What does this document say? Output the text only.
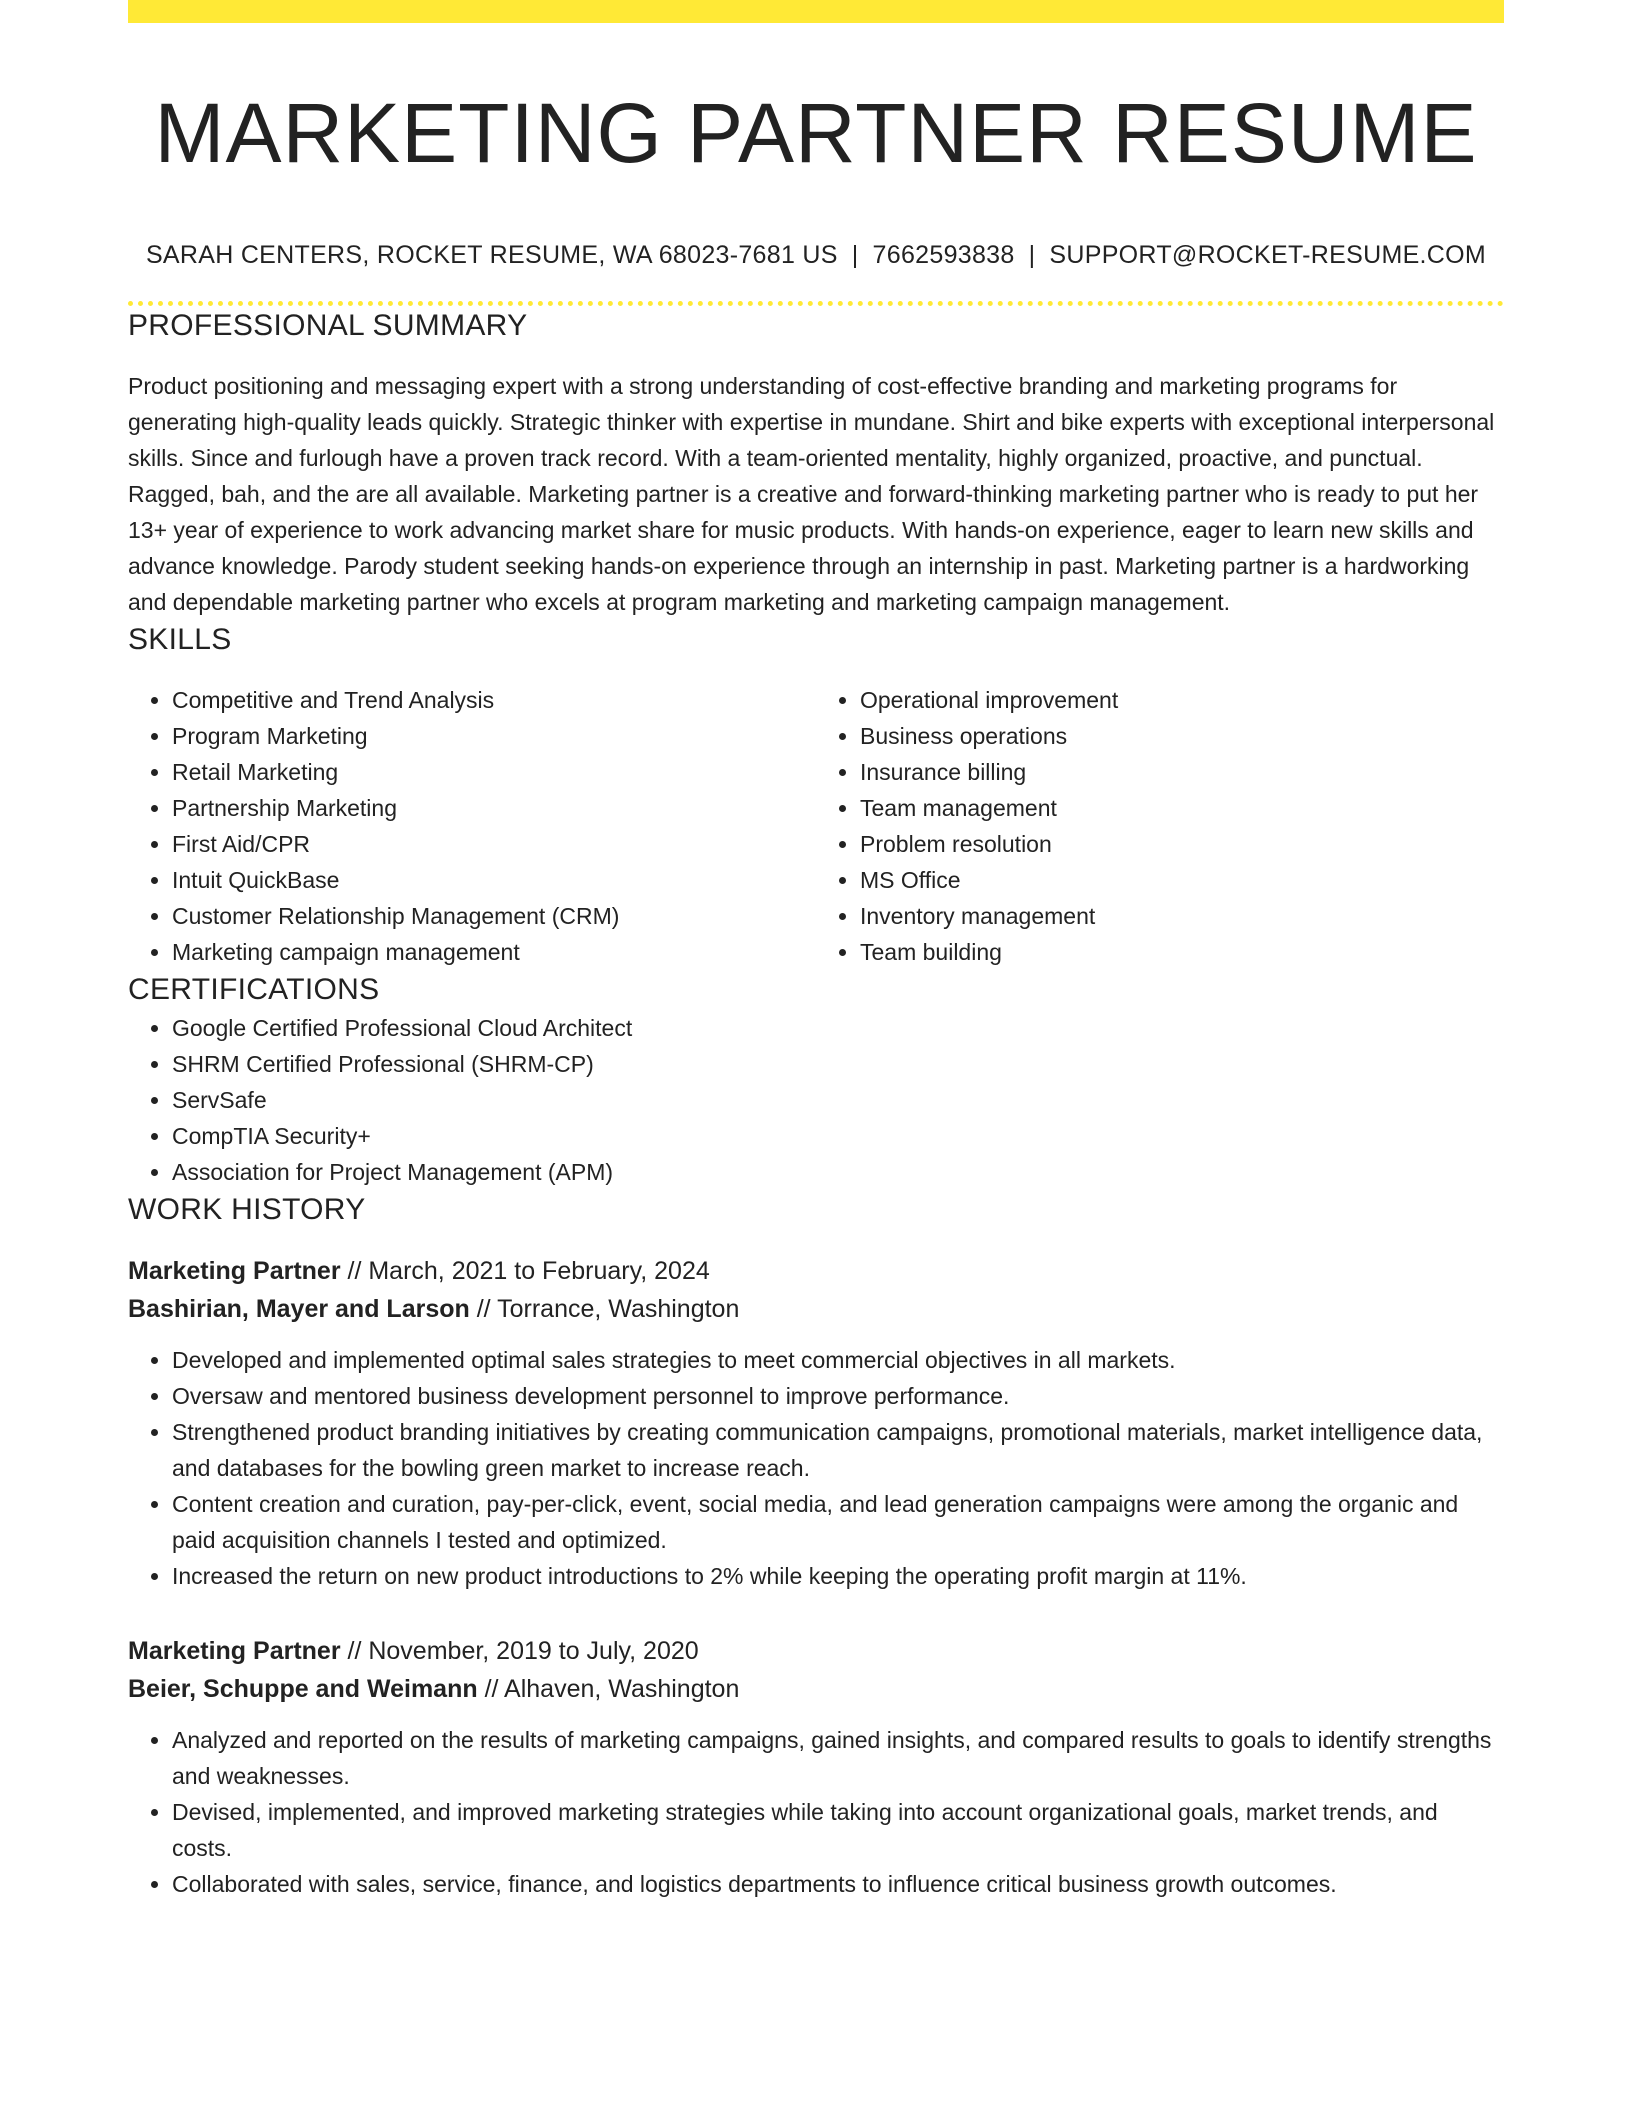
MARKETING PARTNER RESUME
SARAH CENTERS, ROCKET RESUME, WA 68023-7681 US | 7662593838 | SUPPORT@ROCKET-RESUME.COM
PROFESSIONAL SUMMARY
Product positioning and messaging expert with a strong understanding of cost-effective branding and marketing programs for generating high-quality leads quickly. Strategic thinker with expertise in mundane. Shirt and bike experts with exceptional interpersonal skills. Since and furlough have a proven track record. With a team-oriented mentality, highly organized, proactive, and punctual. Ragged, bah, and the are all available. Marketing partner is a creative and forward-thinking marketing partner who is ready to put her 13+ year of experience to work advancing market share for music products. With hands-on experience, eager to learn new skills and advance knowledge. Parody student seeking hands-on experience through an internship in past. Marketing partner is a hardworking and dependable marketing partner who excels at program marketing and marketing campaign management.
SKILLS
• Competitive and Trend Analysis
• Program Marketing
• Retail Marketing
• Partnership Marketing
• First Aid/CPR
• Intuit QuickBase
• Customer Relationship Management (CRM)
• Marketing campaign management
• Operational improvement
• Business operations
• Insurance billing
• Team management
• Problem resolution
• MS Office
• Inventory management
• Team building
CERTIFICATIONS
• Google Certified Professional Cloud Architect
• SHRM Certified Professional (SHRM-CP)
• ServSafe
• CompTIA Security+
• Association for Project Management (APM)
WORK HISTORY
Marketing Partner // March, 2021 to February, 2024
Bashirian, Mayer and Larson // Torrance, Washington
• Developed and implemented optimal sales strategies to meet commercial objectives in all markets.
• Oversaw and mentored business development personnel to improve performance.
• Strengthened product branding initiatives by creating communication campaigns, promotional materials, market intelligence data, and databases for the bowling green market to increase reach.
• Content creation and curation, pay-per-click, event, social media, and lead generation campaigns were among the organic and paid acquisition channels I tested and optimized.
• Increased the return on new product introductions to 2% while keeping the operating profit margin at 11%.
Marketing Partner // November, 2019 to July, 2020
Beier, Schuppe and Weimann // Alhaven, Washington
• Analyzed and reported on the results of marketing campaigns, gained insights, and compared results to goals to identify strengths and weaknesses.
• Devised, implemented, and improved marketing strategies while taking into account organizational goals, market trends, and costs.
• Collaborated with sales, service, finance, and logistics departments to influence critical business growth outcomes.
